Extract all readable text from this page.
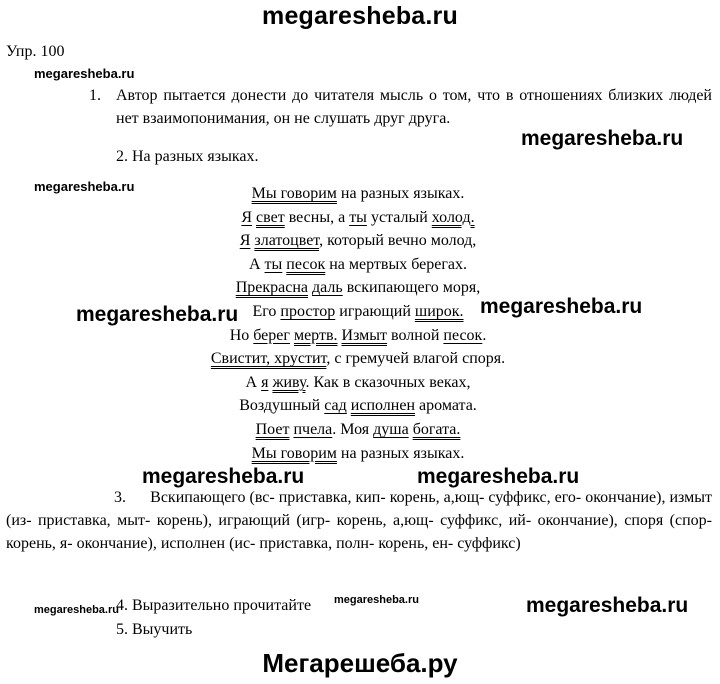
megaresheba.ru
Упр. 100
megaresheba.ru
1. Автор пытается донести до читателя мысль о том, что в отношениях близких людей нет взаимопонимания, он не слушать друг друга.
megaresheba.ru
2. На разных языках.
megaresheba.ru	Мы говорим на разных языках.
Я свет весны, а ты усталый холод.
Я златоцвет, который вечно молод,
А ты песок на мертвых берегах.
Прекрасна даль вскипающего моря,
Его простор играющий широк.
Но берег мертв. Измыт волной песок.
Свистит, хрустит, с гремучей влагой споря.
А я живу. Как в сказочных веках,
Воздушный сад исполнен аромата.
Поет пчела. Моя душа богата.
Мы говорим на разных языках.
megaresheba.ru	megaresheba.ru
megaresheba.ru	megaresheba.ru
3.      Вскипающего (вс- приставка, кип- корень, а,ющ- суффикс, его- окончание), измыт (из- приставка, мыт- корень), играющий (игр- корень, а,ющ- суффикс, ий- окончание), споря (спор- корень, я- окончание), исполнен (ис- приставка, полн- корень, ен- суффикс)
megaresheba.ru
4. Выразительно прочитайте megaresheba.ru	megaresheba.ru
5. Выучить
Мегарешеба.ру
